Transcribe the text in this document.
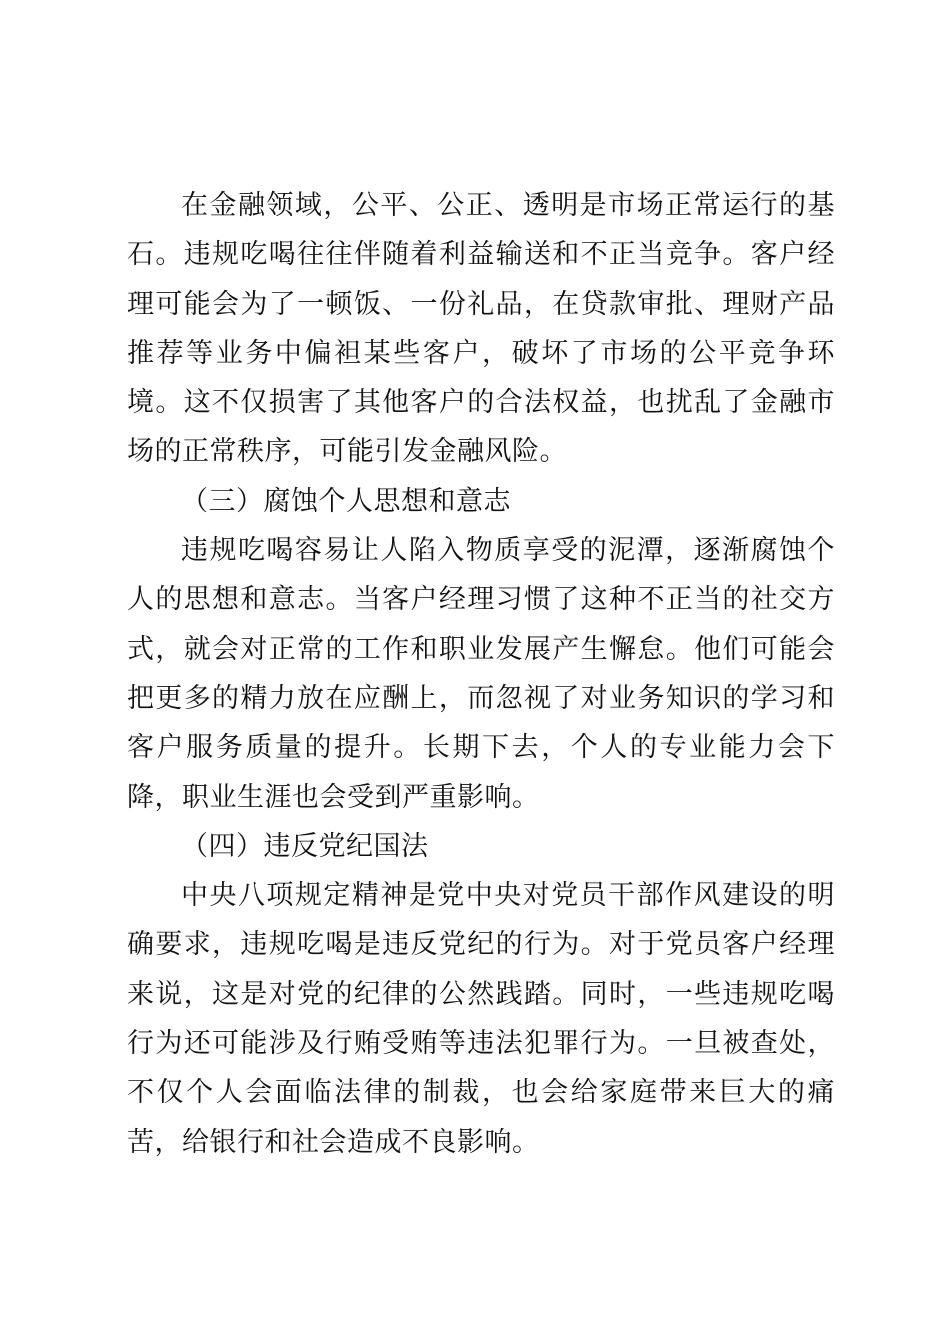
在金融领域，公平、公正、透明是市场正常运行的基石。违规吃喝往往伴随着利益输送和不正当竞争。客户经理可能会为了一顿饭、一份礼品，在贷款审批、理财产品推荐等业务中偏袒某些客户，破坏了市场的公平竞争环境。这不仅损害了其他客户的合法权益，也扰乱了金融市场的正常秩序，可能引发金融风险。

（三）腐蚀个人思想和意志

违规吃喝容易让人陷入物质享受的泥潭，逐渐腐蚀个人的思想和意志。当客户经理习惯了这种不正当的社交方式，就会对正常的工作和职业发展产生懈怠。他们可能会把更多的精力放在应酬上，而忽视了对业务知识的学习和客户服务质量的提升。长期下去，个人的专业能力会下降，职业生涯也会受到严重影响。

（四）违反党纪国法

中央八项规定精神是党中央对党员干部作风建设的明确要求，违规吃喝是违反党纪的行为。对于党员客户经理来说，这是对党的纪律的公然践踏。同时，一些违规吃喝行为还可能涉及行贿受贿等违法犯罪行为。一旦被查处，不仅个人会面临法律的制裁，也会给家庭带来巨大的痛苦，给银行和社会造成不良影响。
